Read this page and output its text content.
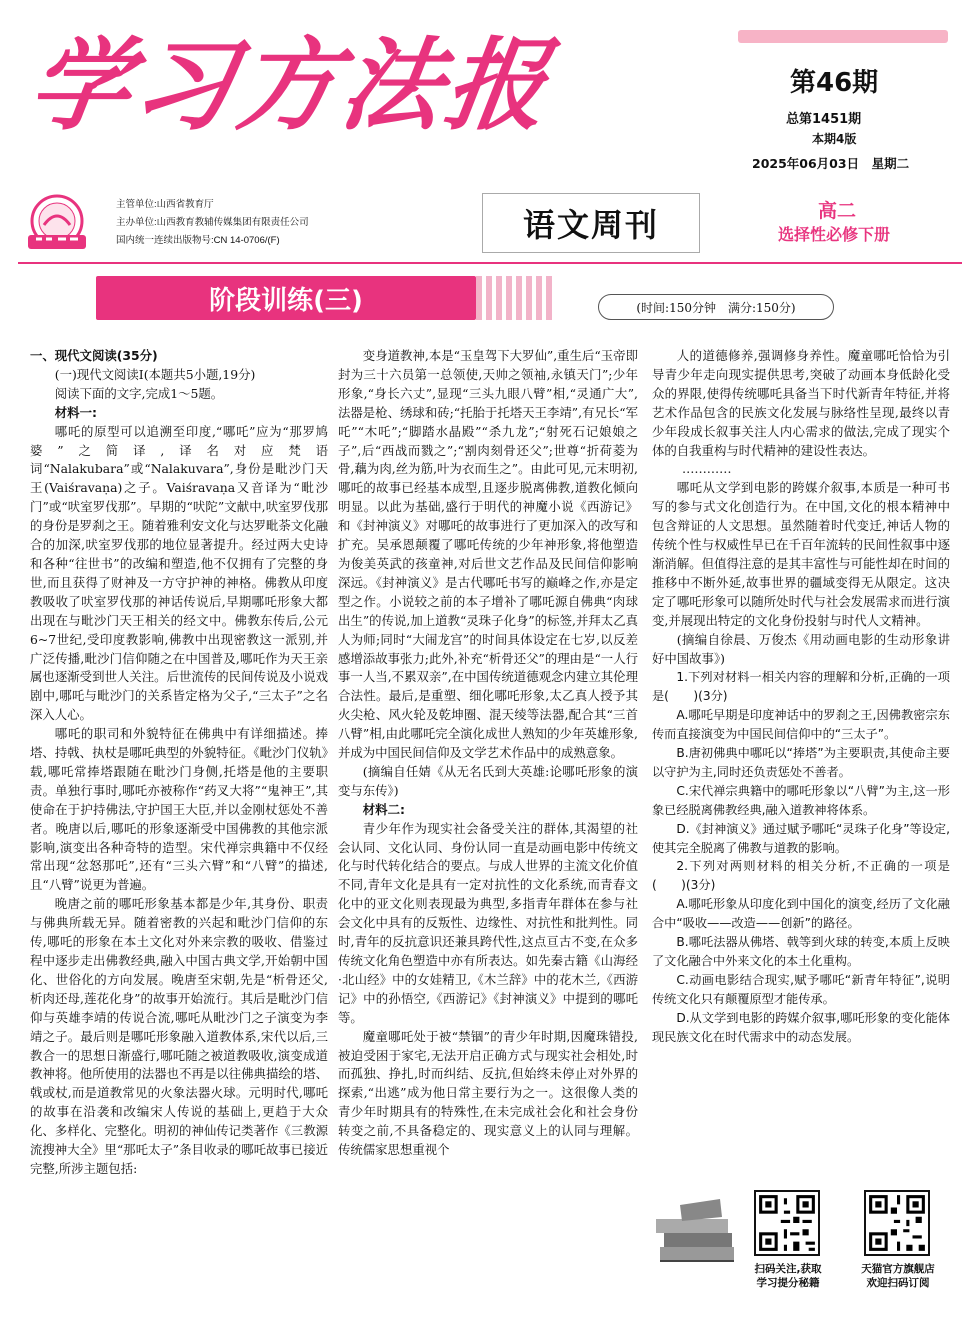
学习方法报	第46期
总第1451期
本期4版
2025年06月03日　星期二
主管单位:山西省教育厅
主办单位:山西教育教辅传媒集团有限责任公司
国内统一连续出版物号:CN 14-0706/(F)	语文周刊	高二
选择性必修下册
阶段训练(三)	(时间:150分钟　满分:150分)

一、现代文阅读(35分)

(一)现代文阅读I(本题共5小题,19分)

阅读下面的文字,完成1～5题。

材料一:

哪吒的原型可以追溯至印度,“哪吒”应为“那罗鸠婆”之简译,译名对应梵语词“Nalakubara”或“Nalakuvara”,身份是毗沙门天王(Vaiśravaṇa)之子。Vaiśravaṇa又音译为“毗沙门”或“吠室罗伐那”。早期的“吠陀”文献中,吠室罗伐那的身份是罗刹之王。随着雅利安文化与达罗毗荼文化融合的加深,吠室罗伐那的地位显著提升。经过两大史诗和各种“往世书”的改编和塑造,他不仅拥有了完整的身世,而且获得了财神及一方守护神的神格。佛教从印度教吸收了吠室罗伐那的神话传说后,早期哪吒形象大都出现在与毗沙门天王相关的经文中。佛教东传后,公元6~7世纪,受印度教影响,佛教中出现密教这一派别,并广泛传播,毗沙门信仰随之在中国普及,哪吒作为天王亲属也逐渐受到世人关注。后世流传的民间传说及小说戏剧中,哪吒与毗沙门的关系皆定格为父子,“三太子”之名深入人心。

哪吒的职司和外貌特征在佛典中有详细描述。捧塔、持戟、执杖是哪吒典型的外貌特征。《毗沙门仪轨》载,哪吒常捧塔跟随在毗沙门身侧,托塔是他的主要职责。单独行事时,哪吒亦被称作“药叉大将”“鬼神王”,其使命在于护持佛法,守护国王大臣,并以金刚杖惩处不善者。晚唐以后,哪吒的形象逐渐受中国佛教的其他宗派影响,演变出各种奇特的造型。宋代禅宗典籍中不仅经常出现“忿怒那吒”,还有“三头六臂”和“八臂”的描述,且“八臂”说更为普遍。

晚唐之前的哪吒形象基本都是少年,其身份、职责与佛典所载无异。随着密教的兴起和毗沙门信仰的东传,哪吒的形象在本土文化对外来宗教的吸收、借鉴过程中逐步走出佛教经典,融入中国古典文学,开始朝中国化、世俗化的方向发展。晚唐至宋朝,先是“析骨还父,析肉还母,莲花化身”的故事开始流行。其后是毗沙门信仰与英雄李靖的传说合流,哪吒从毗沙门之子演变为李靖之子。最后则是哪吒形象融入道教体系,宋代以后,三教合一的思想日渐盛行,哪吒随之被道教吸收,演变成道教神将。他所使用的法器也不再是以往佛典描绘的塔、戟或杖,而是道教常见的火象法器火球。元明时代,哪吒的故事在沿袭和改编宋人传说的基础上,更趋于大众化、多样化、完整化。明初的神仙传记类著作《三教源流搜神大全》里“那吒太子”条目收录的哪吒故事已接近完整,所涉主题包括:

变身道教神,本是“玉皇驾下大罗仙”,重生后“玉帝即封为三十六员第一总领使,天帅之领袖,永镇天门”;少年形象,“身长六丈”,显现“三头九眼八臂”相,“灵通广大”,法器是枪、绣球和砖;“托胎于托塔天王李靖”,有兄长“军吒”“木吒”;“脚踏水晶殿”“杀九龙”;“射死石记娘娘之子”,后“西战而戮之”;“割肉刻骨还父”;世尊“折荷菱为骨,藕为肉,丝为筋,叶为衣而生之”。由此可见,元末明初,哪吒的故事已经基本成型,且逐步脱离佛教,道教化倾向明显。以此为基础,盛行于明代的神魔小说《西游记》和《封神演义》对哪吒的故事进行了更加深入的改写和扩充。吴承恩颠覆了哪吒传统的少年神形象,将他塑造为俊美英武的孩童神,对后世文艺作品及民间信仰影响深远。《封神演义》是古代哪吒书写的巅峰之作,亦是定型之作。小说较之前的本子增补了哪吒源自佛典“肉球出生”的传说,加上道教“灵珠子化身”的标签,并拜太乙真人为师;同时“大闹龙宫”的时间具体设定在七岁,以反差感增添故事张力;此外,补充“析骨还父”的理由是“一人行事一人当,不累双亲”,在中国传统道德观念内建立其伦理合法性。最后,是重塑、细化哪吒形象,太乙真人授予其火尖枪、风火轮及乾坤圈、混天绫等法器,配合其“三首八臂”相,由此哪吒完全演化成世人熟知的少年英雄形象,并成为中国民间信仰及文学艺术作品中的成熟意象。

(摘编自任婧《从无名氏到大英雄:论哪吒形象的演变与东传》)

材料二:

青少年作为现实社会备受关注的群体,其渴望的社会认同、文化认同、身份认同一直是动画电影中传统文化与时代转化结合的要点。与成人世界的主流文化价值不同,青年文化是具有一定对抗性的文化系统,而青春文化中的亚文化则表现最为典型,多指青年群体在参与社会文化中具有的反叛性、边缘性、对抗性和批判性。同时,青年的反抗意识还兼具跨代性,这点亘古不变,在众多传统文化角色塑造中亦有所表达。如先秦古籍《山海经·北山经》中的女娃精卫,《木兰辞》中的花木兰,《西游记》中的孙悟空,《西游记》《封神演义》中提到的哪吒等。

魔童哪吒处于被“禁锢”的青少年时期,因魔珠错投,被迫受困于家宅,无法开启正确方式与现实社会相处,时而孤独、挣扎,时而纠结、反抗,但始终未停止对外界的探索,“出逃”成为他日常主要行为之一。这很像人类的青少年时期具有的特殊性,在未完成社会化和社会身份转变之前,不具备稳定的、现实意义上的认同与理解。传统儒家思想重视个

人的道德修养,强调修身养性。魔童哪吒恰恰为引导青少年走向现实提供思考,突破了动画本身低龄化受众的界限,使得传统哪吒具备当下时代新青年特征,并将艺术作品包含的民族文化发展与脉络性呈现,最终以青少年段成长叙事关注人内心需求的做法,完成了现实个体的自我重构与时代精神的建设性表达。

…………

哪吒从文学到电影的跨媒介叙事,本质是一种可书写的参与式文化创造行为。在中国,文化的根本精神中包含辩证的人文思想。虽然随着时代变迁,神话人物的传统个性与权威性早已在千百年流转的民间性叙事中逐渐消解。但值得注意的是其丰富性与可能性却在时间的推移中不断外延,故事世界的疆域变得无从限定。这决定了哪吒形象可以随所处时代与社会发展需求而进行演变,并展现出特定的文化身份投射与时代人文精神。

(摘编自徐晨、万俊杰《用动画电影的生动形象讲好中国故事》)

1.下列对材料一相关内容的理解和分析,正确的一项是(　　)(3分)

A.哪吒早期是印度神话中的罗刹之王,因佛教密宗东传而直接演变为中国民间信仰中的“三太子”。

B.唐初佛典中哪吒以“捧塔”为主要职责,其使命主要以守护为主,同时还负责惩处不善者。

C.宋代禅宗典籍中的哪吒形象以“八臂”为主,这一形象已经脱离佛教经典,融入道教神将体系。

D.《封神演义》通过赋予哪吒“灵珠子化身”等设定,使其完全脱离了佛教与道教的影响。

2.下列对两则材料的相关分析,不正确的一项是(　　)(3分)

A.哪吒形象从印度化到中国化的演变,经历了文化融合中“吸收——改造——创新”的路径。

B.哪吒法器从佛塔、戟等到火球的转变,本质上反映了文化融合中外来文化的本土化重构。

C.动画电影结合现实,赋予哪吒“新青年特征”,说明传统文化只有颠覆原型才能传承。

D.从文学到电影的跨媒介叙事,哪吒形象的变化能体现民族文化在时代需求中的动态发展。

扫码关注,获取
学习提分秘籍
天猫官方旗舰店
欢迎扫码订阅
